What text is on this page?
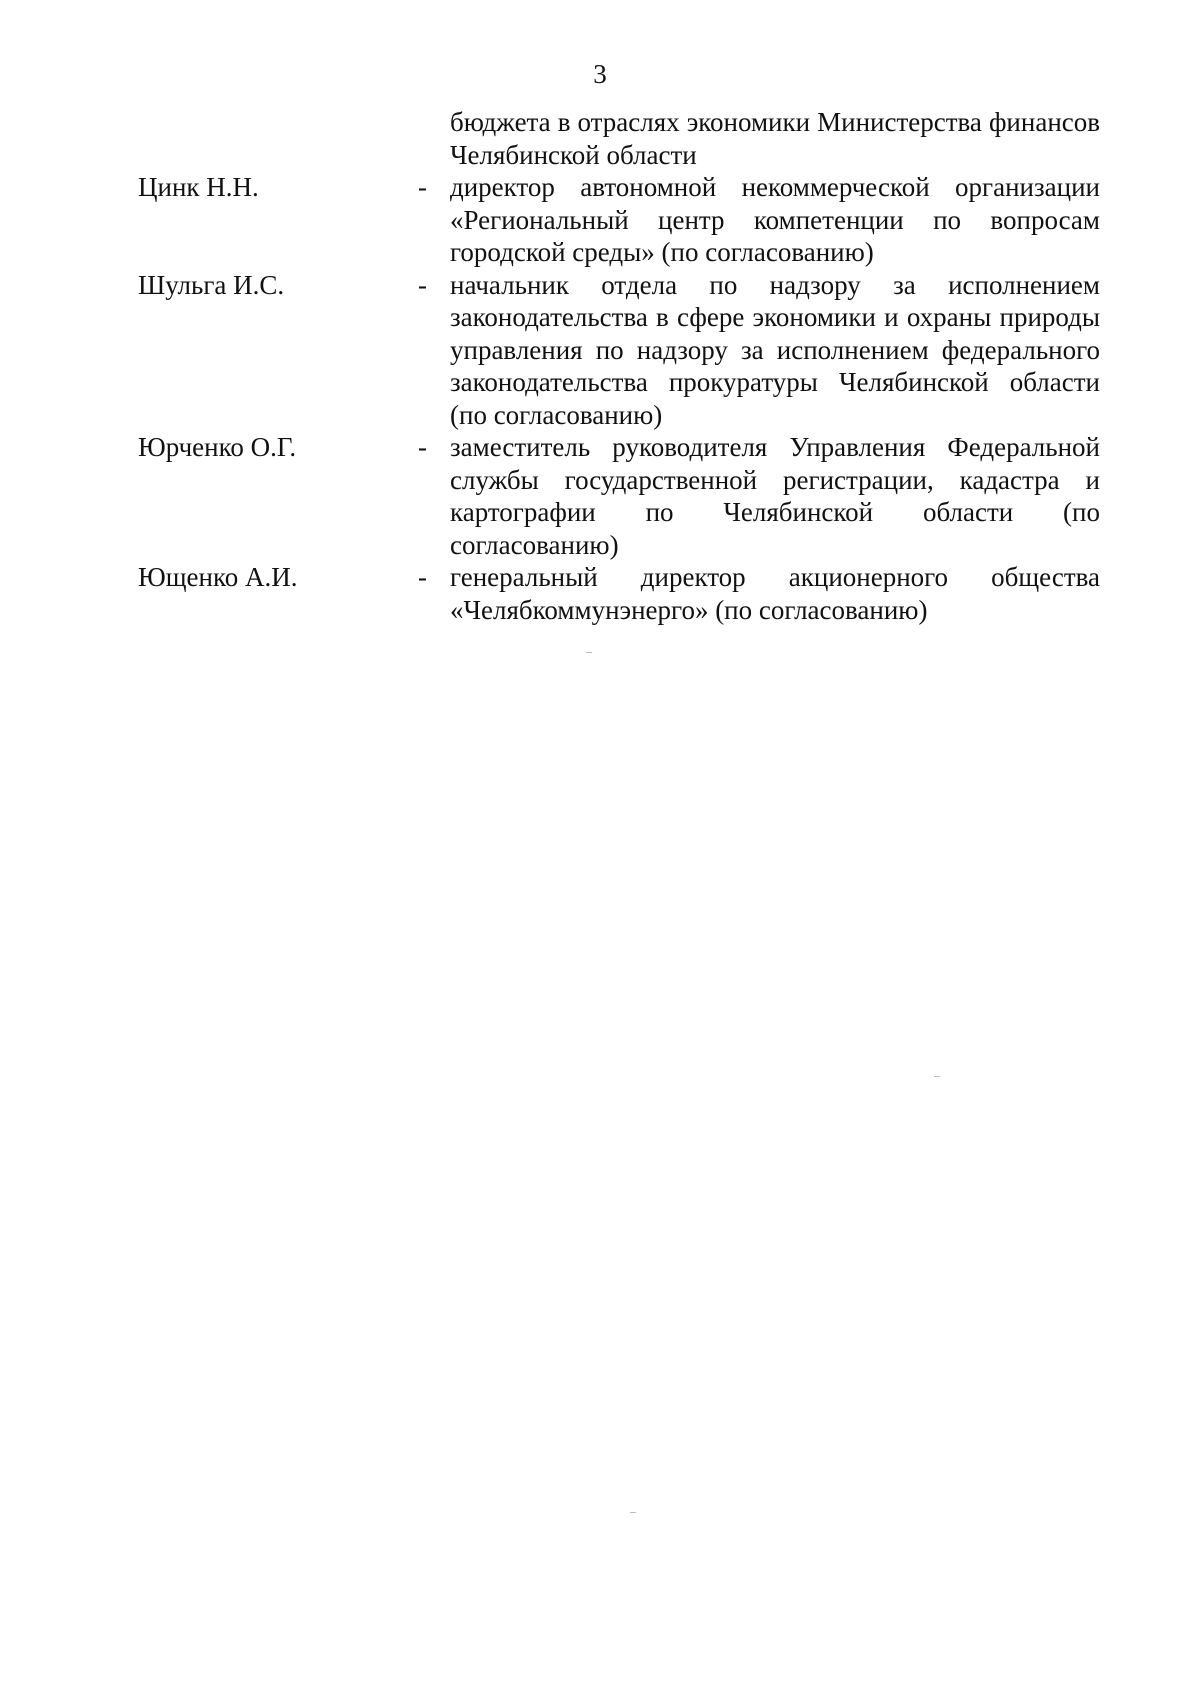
3
бюджета в отраслях экономики Министерства финансов Челябинской области
Цинк Н.Н.	- директор автономной некоммерческой организации «Региональный центр компетенции по вопросам городской среды» (по согласованию)
Шульга И.С.	- начальник отдела по надзору за исполнением законодательства в сфере экономики и охраны природы управления по надзору за исполнением федерального законодательства прокуратуры Челябинской области (по согласованию)
Юрченко О.Г.	- заместитель руководителя Управления Федеральной службы государственной регистрации, кадастра и картографии по Челябинской области (по согласованию)
Ющенко А.И.	- генеральный директор акционерного общества «Челябкоммунэнерго» (по согласованию)
